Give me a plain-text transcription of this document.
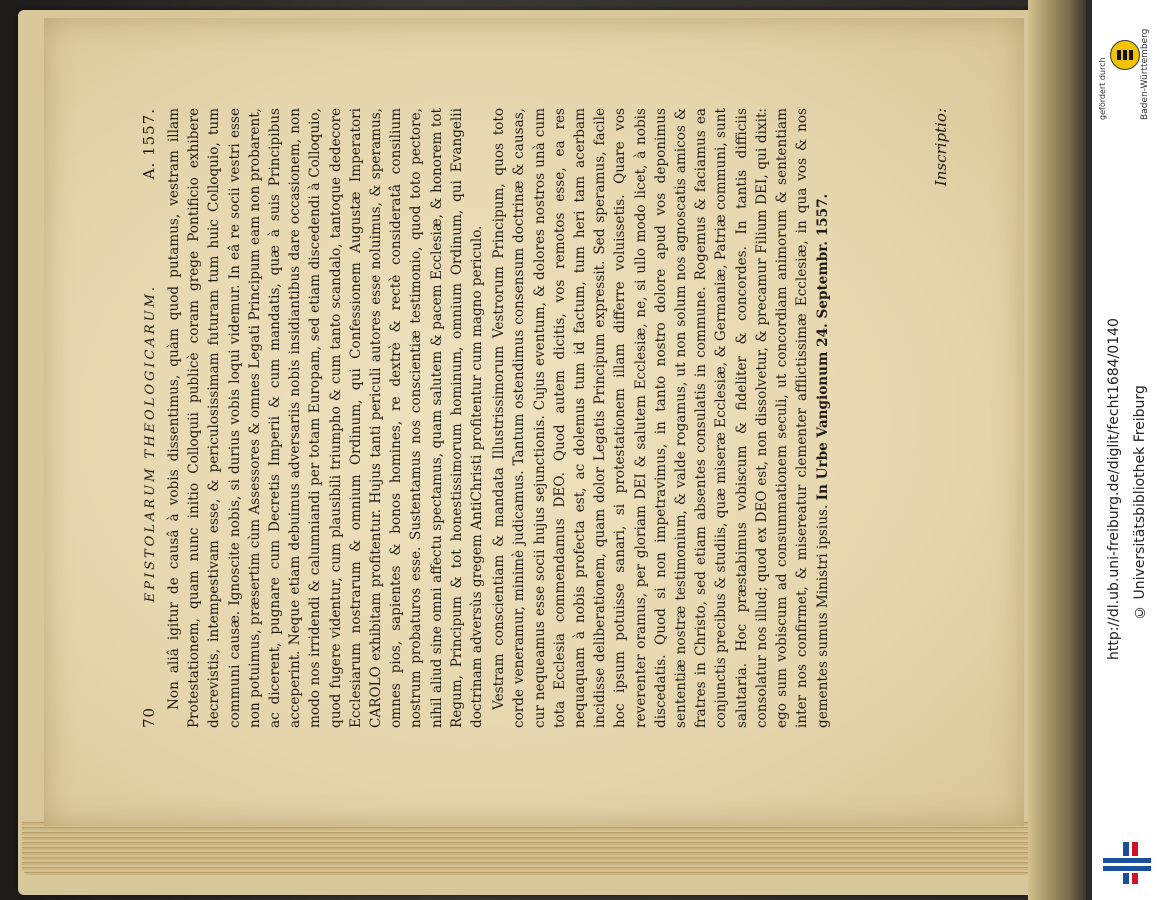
70
EPISTOLARUM THEOLOGICARUM.
A. 1557. Non aliâ igitur de causâ à vobis dissentimus, quàm quod putamus, vestram illam Protestationem, quam nunc initio Colloquii publicè coram grege Pontificio exhibere decrevistis, intempestivam esse, & periculosissimam futuram tum huic Colloquio, tum communi causæ. Ignoscite nobis, si durius vobis loqui videmur. In eâ re socii vestri esse non potuimus, præsertim cùm Assessores & omnes Legati Principum eam non probarent, ac dicerent, pugnare cum Decretis Imperii & cum mandatis, quæ à suis Principibus acceperint. Neque etiam debuimus adversariis nobis insidiantibus dare occasionem, non modo nos irridendi & calumniandi per totam Europam, sed etiam discedendi à Colloquio, quod fugere videntur, cum plausibili triumpho & cum tanto scandalo, tantoque dedecore Ecclesiarum nostrarum & omnium Ordinum, qui Confessionem Augustæ Imperatori CAROLO exhibitam profitentur. Hujus tanti periculi autores esse noluimus, & speramus, omnes pios, sapientes & bonos homines, re dextrè & rectè consideratâ consilium nostrum probaturos esse. Sustentamus nos conscientiæ testimonio, quod toto pectore, nihil aliud sine omni affectu spectamus, quam salutem & pacem Ecclesiæ, & honorem tot Regum, Principum & tot honestissimorum hominum, omnium Ordinum, qui Evangelii doctrinam adversùs gregem AntiChristi profitentur cum magno periculo. Vestram conscientiam & mandata Illustrissimorum Vestrorum Principum, quos toto corde veneramur, minimè judicamus. Tantum ostendimus consensum doctrinæ & causas, cur nequeamus esse socii hujus sejunctionis. Cujus eventum, & dolores nostros unà cum tota Ecclesia commendamus DEO. Quod autem dicitis, vos remotos esse, ea res nequaquam à nobis profecta est, ac dolemus tum id factum, tum heri tam acerbam incidisse deliberationem, quam dolor Legatis Principum expressit. Sed speramus, facile hoc ipsum potuisse sanari, si protestationem illam differre voluissetis. Quare vos reverenter oramus, per gloriam DEI & salutem Ecclesiæ, ne, si ullo modo licet, à nobis discedatis. Quod si non impetravimus, in tanto nostro dolore apud vos deponimus sententiæ nostræ testimonium, & valde rogamus, ut non solum nos agnoscatis amicos & fratres in Christo, sed etiam absentes consulatis in commune. Rogemus & faciamus ea conjunctis precibus & studiis, quæ miseræ Ecclesiæ, & Germaniæ, Patriæ communi, sunt salutaria. Hoc præstabimus vobiscum & fideliter & concordes. In tantis difficiis consolatur nos illud; quod ex DEO est, non dissolvetur, & precamur Filium DEI, qui dixit: ego sum vobiscum ad consummationem seculi, ut concordiam animorum & sententiam inter nos confirmet, & misereatur clementer afflictissimæ Ecclesiæ, in qua vos & nos gementes sumus Ministri ipsius. In Urbe Vangionum 24. Septembr. 1557.

Inscriptio:
gefördert durch	Baden-Württemberg
http://dl.ub.uni-freiburg.de/diglit/fecht1684/0140 © Universitätsbibliothek Freiburg
